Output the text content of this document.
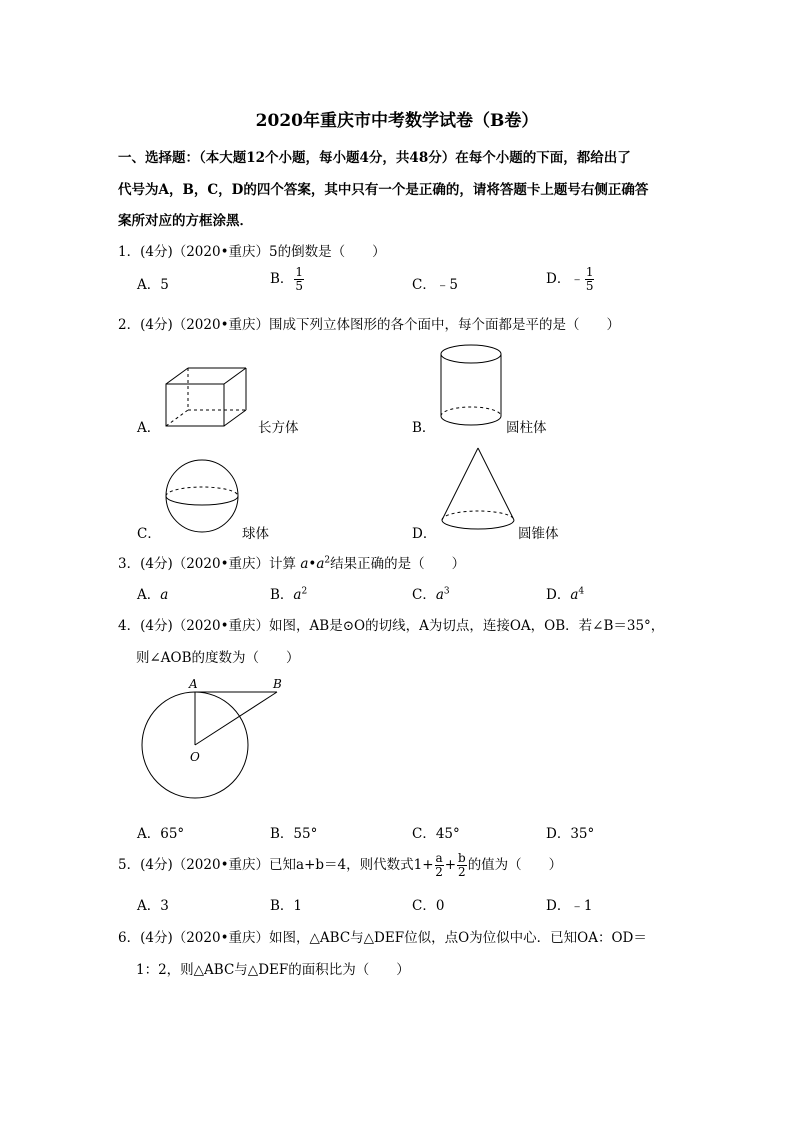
2020年重庆市中考数学试卷（B卷）
一、选择题：（本大题12个小题，每小题4分，共48分）在每个小题的下面，都给出了
代号为A，B，C，D的四个答案，其中只有一个是正确的，请将答题卡上题号右侧正确答
案所对应的方框涂黑．
1．(4分)（2020•重庆）5的倒数是（　　）
A．5	B． $\frac{1}{5}$	C．﹣5	D．﹣ $\frac{1}{5}$
2．(4分)（2020•重庆）围成下列立体图形的各个面中，每个面都是平的是（　　）
A．	长方体	B．	圆柱体
C．	球体	D．	圆锥体
3．(4分)（2020•重庆）计算 $a•a^2$结果正确的是（　　）
A．a	B．$a^2$	C．$a^3$	D．$a^4$
4．(4分)（2020•重庆）如图，AB是⊙O的切线，A为切点，连接OA，OB．若∠B＝35°，
则∠AOB的度数为（　　）
A	B
O
A．65°	B．55°	C．45°	D．35°
5．(4分)（2020•重庆）已知a+b＝4，则代数式$1+ \frac{a}{2} + \frac{b}{2}$ 的值为（　　）
A．3	B．1	C．0	D．﹣1
6．(4分)（2020•重庆）如图，△ABC与△DEF位似，点O为位似中心．已知OA：OD＝
1：2，则△ABC与△DEF的面积比为（　　）
